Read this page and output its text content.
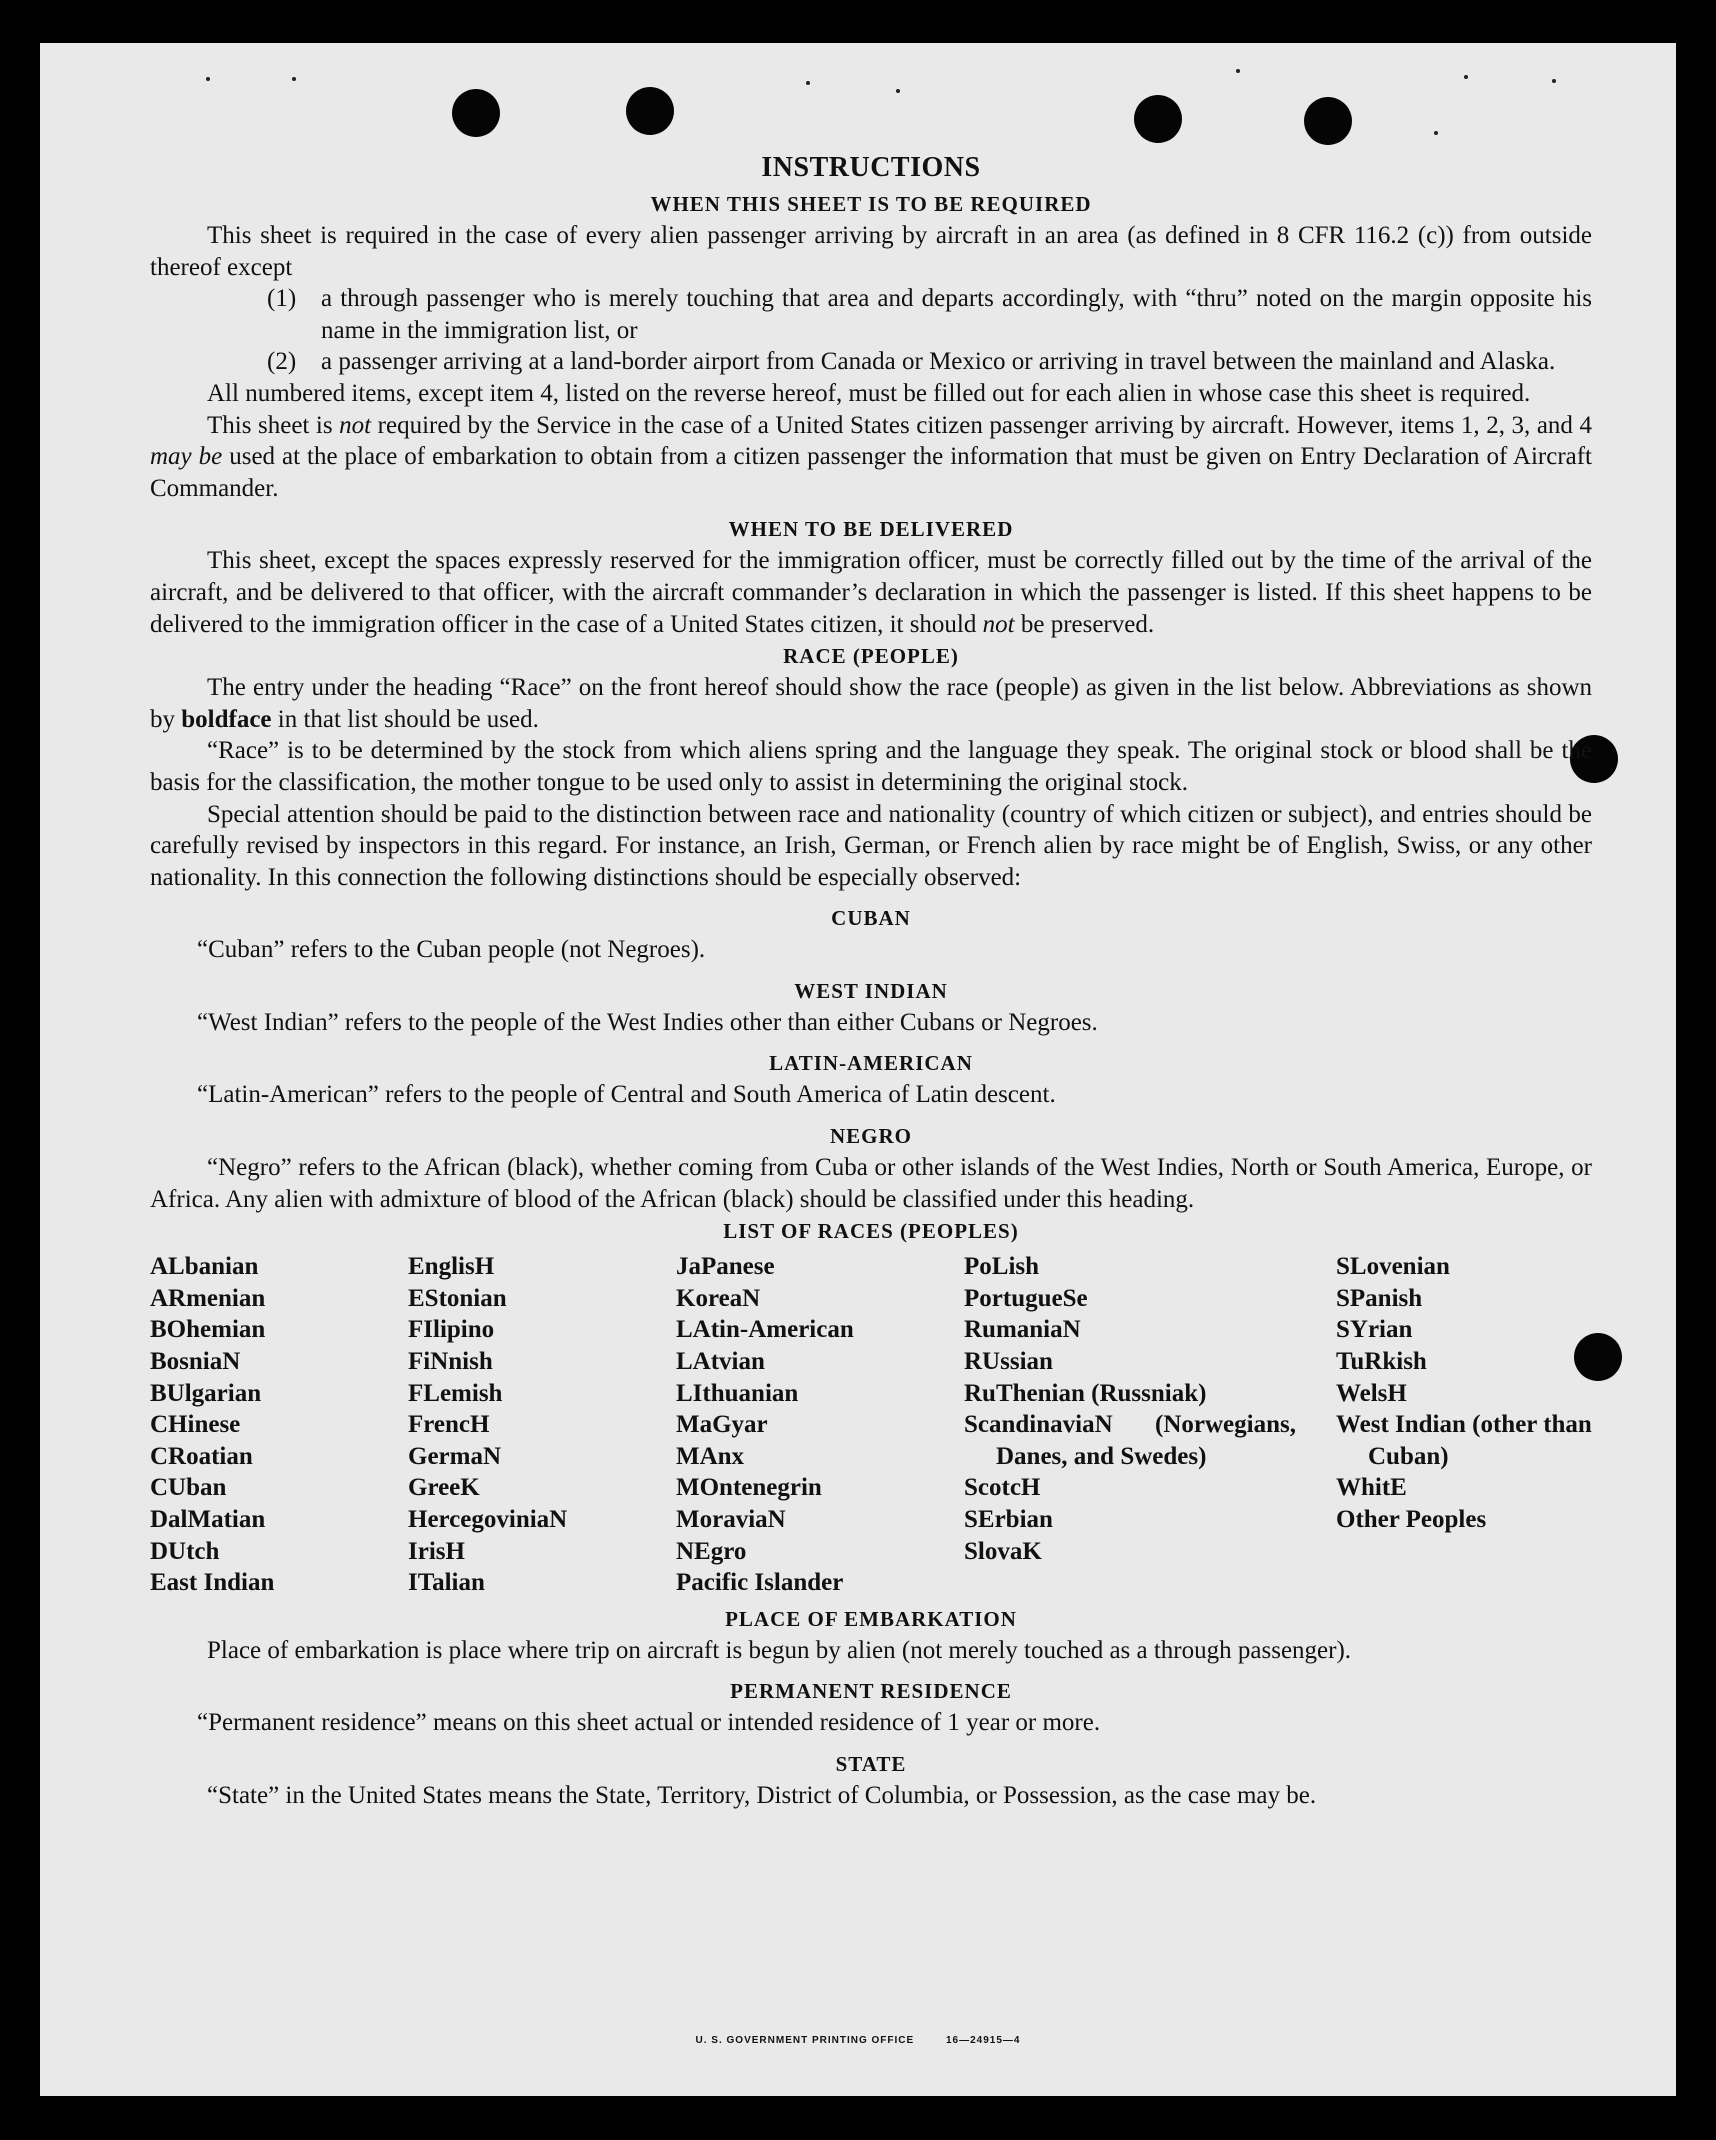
INSTRUCTIONS
WHEN THIS SHEET IS TO BE REQUIRED

This sheet is required in the case of every alien passenger arriving by aircraft in an area (as defined in 8 CFR 116.2 (c)) from outside thereof except

(1) a through passenger who is merely touching that area and departs accordingly, with “thru” noted on the margin opposite his name in the immigration list, or
(2) a passenger arriving at a land-border airport from Canada or Mexico or arriving in travel between the mainland and Alaska.

All numbered items, except item 4, listed on the reverse hereof, must be filled out for each alien in whose case this sheet is required.

This sheet is not required by the Service in the case of a United States citizen passenger arriving by aircraft. However, items 1, 2, 3, and 4 may be used at the place of embarkation to obtain from a citizen passenger the information that must be given on Entry Declaration of Aircraft Commander.

WHEN TO BE DELIVERED

This sheet, except the spaces expressly reserved for the immigration officer, must be correctly filled out by the time of the arrival of the aircraft, and be delivered to that officer, with the aircraft commander’s declaration in which the passenger is listed. If this sheet happens to be delivered to the immigration officer in the case of a United States citizen, it should not be preserved.

RACE (PEOPLE)

The entry under the heading “Race” on the front hereof should show the race (people) as given in the list below. Abbreviations as shown by boldface in that list should be used.

“Race” is to be determined by the stock from which aliens spring and the language they speak. The original stock or blood shall be the basis for the classification, the mother tongue to be used only to assist in determining the original stock.

Special attention should be paid to the distinction between race and nationality (country of which citizen or subject), and entries should be carefully revised by inspectors in this regard. For instance, an Irish, German, or French alien by race might be of English, Swiss, or any other nationality. In this connection the following distinctions should be especially observed:

CUBAN

“Cuban” refers to the Cuban people (not Negroes).

WEST INDIAN

“West Indian” refers to the people of the West Indies other than either Cubans or Negroes.

LATIN-AMERICAN

“Latin-American” refers to the people of Central and South America of Latin descent.

NEGRO

“Negro” refers to the African (black), whether coming from Cuba or other islands of the West Indies, North or South America, Europe, or Africa. Any alien with admixture of blood of the African (black) should be classified under this heading.

LIST OF RACES (PEOPLES)
ALbanian
ARmenian
BOhemian
BosniaN
BUlgarian
CHinese
CRoatian
CUban
DalMatian
DUtch
East Indian
EnglisH
EStonian
FIlipino
FiNnish
FLemish
FrencH
GermaN
GreeK
HercegoviniaN
IrisH
ITalian
JaPanese
KoreaN
LAtin-American
LAtvian
LIthuanian
MaGyar
MAnx
MOntenegrin
MoraviaN
NEgro
Pacific Islander
PoLish
PortugueSe
RumaniaN
RUssian
RuThenian (Russniak)
ScandinaviaN (Norwegians, Danes, and Swedes)
ScotcH
SErbian
SlovaK
SLovenian
SPanish
SYrian
TuRkish
WelsH
West Indian (other than Cuban)
WhitE
Other Peoples
PLACE OF EMBARKATION

Place of embarkation is place where trip on aircraft is begun by alien (not merely touched as a through passenger).

PERMANENT RESIDENCE

“Permanent residence” means on this sheet actual or intended residence of 1 year or more.

STATE

“State” in the United States means the State, Territory, District of Columbia, or Possession, as the case may be.

U. S. GOVERNMENT PRINTING OFFICE	16—24915—4
